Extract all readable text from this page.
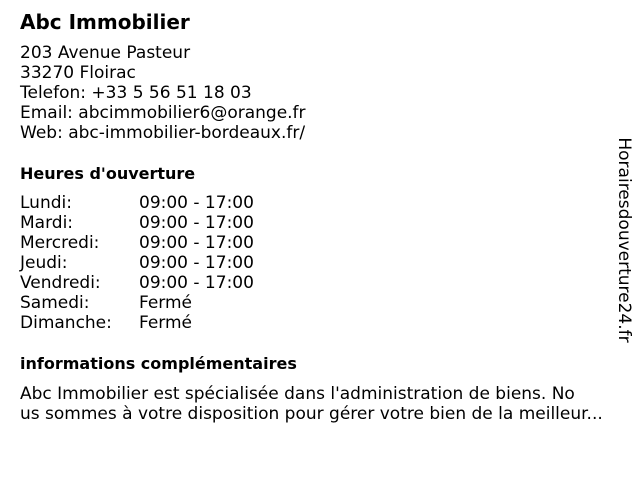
Abc Immobilier
203 Avenue Pasteur
33270 Floirac
Telefon: +33 5 56 51 18 03
Email: abcimmobilier6@orange.fr
Web: abc-immobilier-bordeaux.fr/
Heures d'ouverture
Lundi:	09:00 - 17:00
Mardi:	09:00 - 17:00
Mercredi:	09:00 - 17:00
Jeudi:	09:00 - 17:00
Vendredi:	09:00 - 17:00
Samedi:	Fermé
Dimanche:	Fermé
informations complémentaires
Abc Immobilier est spécialisée dans l'administration de biens. No
us sommes à votre disposition pour gérer votre bien de la meilleur...
Horairesdouverture24.fr
